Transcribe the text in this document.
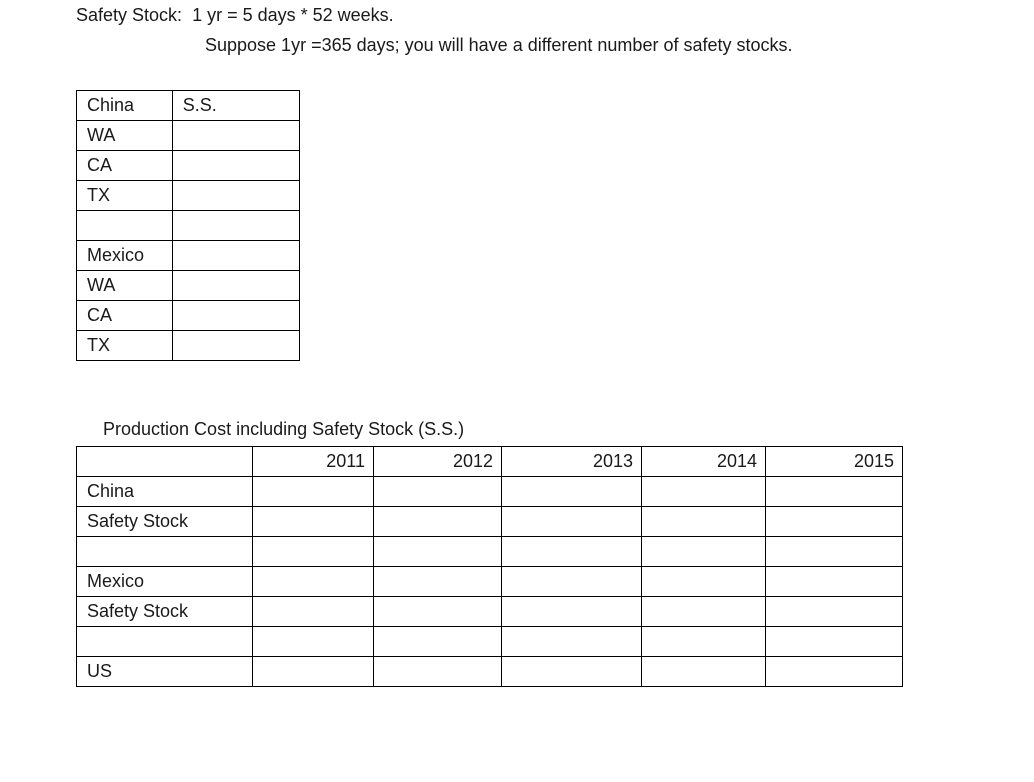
Safety Stock: 1 yr = 5 days * 52 weeks.
Suppose 1yr =365 days; you will have a different number of safety stocks.
China	S.S.
WA	
CA	
TX	

Mexico	
WA	
CA	
TX	
Production Cost including Safety Stock (S.S.)
	2011	2012	2013	2014	2015
China					
Safety Stock					

Mexico					
Safety Stock					

US					
